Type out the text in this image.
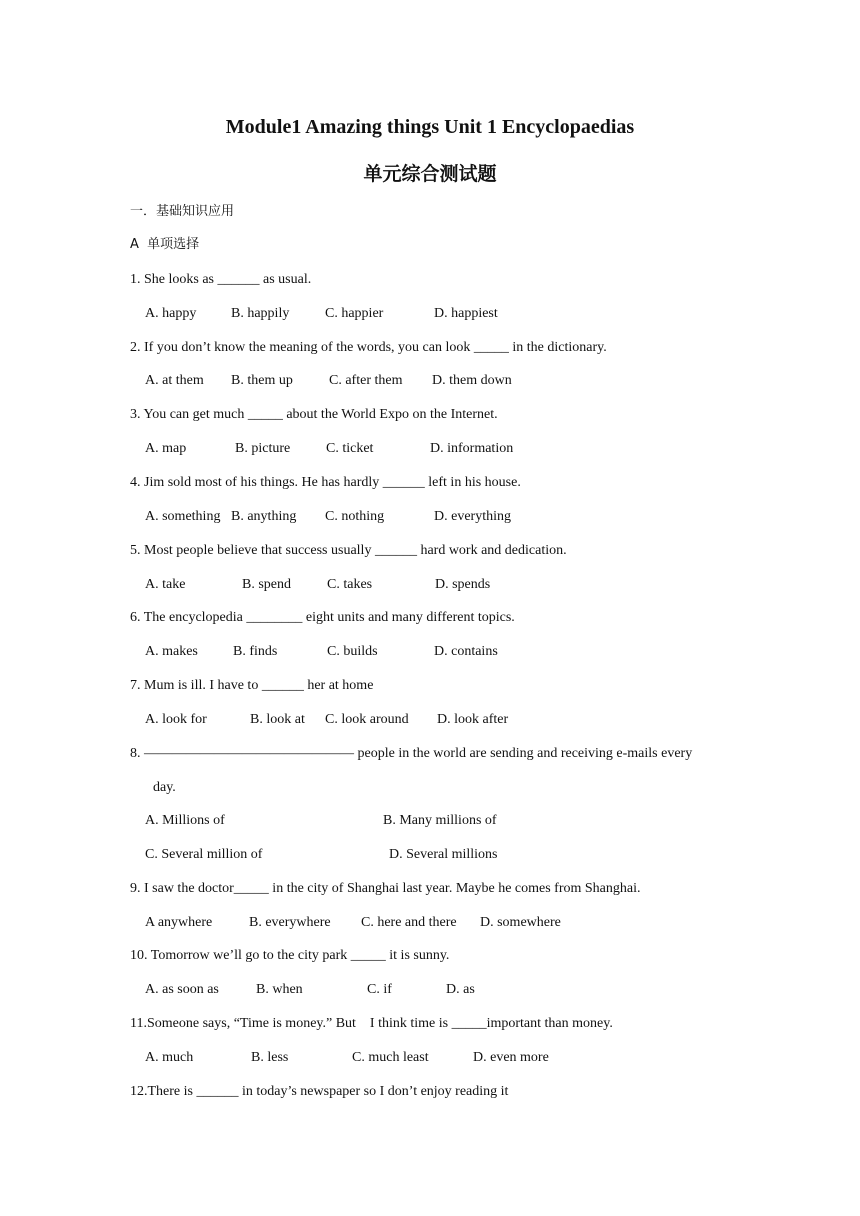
Module1 Amazing things Unit 1 Encyclopaedias
单元综合测试题
一．基础知识应用
A  单项选择
1. She looks as ______ as usual.
A. happy B. happily	C. happier	D. happiest
2. If you don’t know the meaning of the words, you can look _____ in the dictionary.
A. at them B. them up	C. after them D. them down
3. You can get much _____ about the World Expo on the Internet.
A. map	B. picture	C. ticket	D. information
4. Jim sold most of his things. He has hardly ______ left in his house.
A. something B. anything C. nothing	D. everything
5. Most people believe that success usually ______ hard work and dedication.
A. take	B. spend	C. takes	D. spends
6. The encyclopedia ________ eight units and many different topics.
A. makes	B. finds	C. builds	D. contains
7. Mum is ill. I have to ______ her at home
A. look for	B. look at C. look around D. look after
8. ——————————————— people in the world are sending and receiving e-mails every
day.
A. Millions of	B. Many millions of
C. Several million of	D. Several millions
9. I saw the doctor_____ in the city of Shanghai last year. Maybe he comes from Shanghai.
A anywhere	B. everywhere C. here and there D. somewhere
10. Tomorrow we’ll go to the city park _____ it is sunny.
A. as soon as	B. when	C. if	D. as
11.Someone says, “Time is money.” But    I think time is _____important than money.
A. much	B. less	C. much least	D. even more
12.There is ______ in today’s newspaper so I don’t enjoy reading it
